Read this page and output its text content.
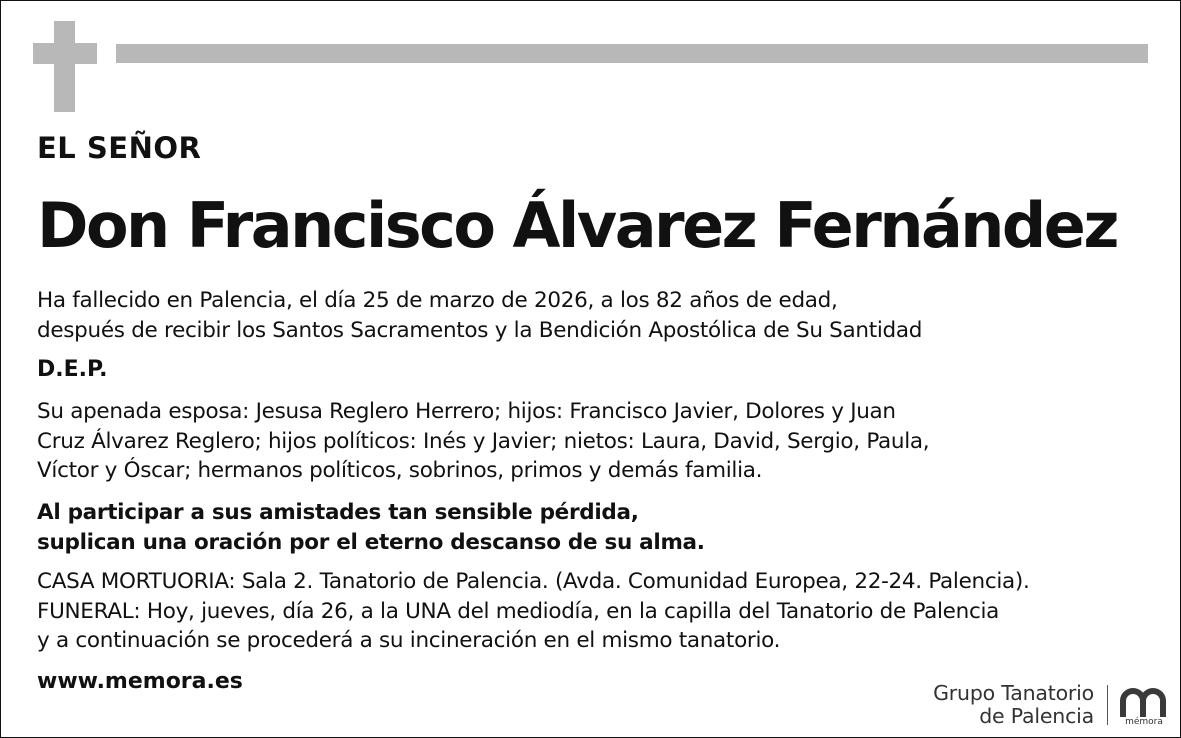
EL SEÑOR
Don Francisco Álvarez Fernández
Ha fallecido en Palencia, el día 25 de marzo de 2026, a los 82 años de edad,
después de recibir los Santos Sacramentos y la Bendición Apostólica de Su Santidad
D.E.P.
Su apenada esposa: Jesusa Reglero Herrero; hijos: Francisco Javier, Dolores y Juan
Cruz Álvarez Reglero; hijos políticos: Inés y Javier; nietos: Laura, David, Sergio, Paula,
Víctor y Óscar; hermanos políticos, sobrinos, primos y demás familia.
Al participar a sus amistades tan sensible pérdida,
suplican una oración por el eterno descanso de su alma.
CASA MORTUORIA: Sala 2. Tanatorio de Palencia. (Avda. Comunidad Europea, 22-24. Palencia).
FUNERAL: Hoy, jueves, día 26, a la UNA del mediodía, en la capilla del Tanatorio de Palencia
y a continuación se procederá a su incineración en el mismo tanatorio.
www.memora.es	Grupo Tanatorio
de Palencia	mémora
